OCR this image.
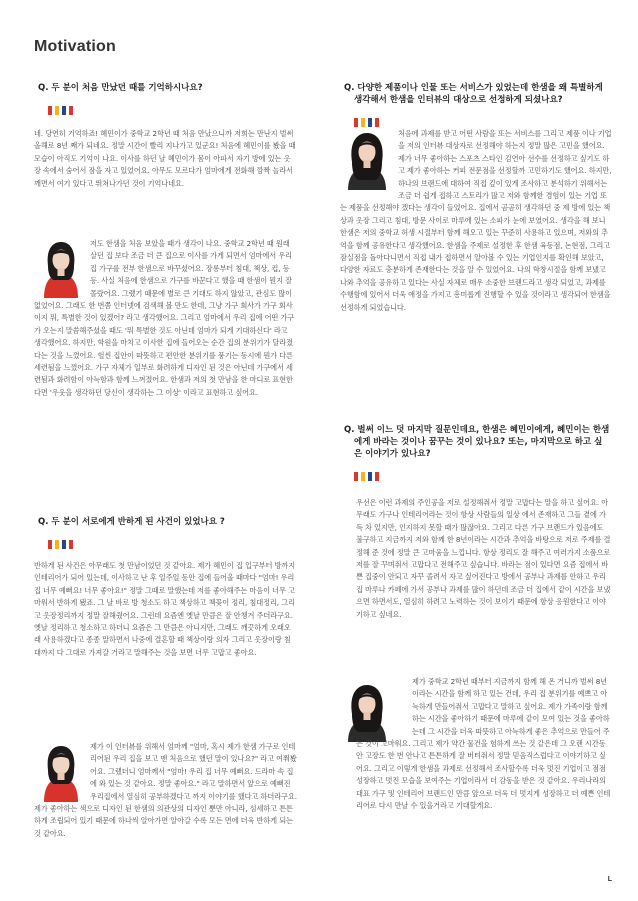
Motivation
Q. 두 분이 처음 만났던 때를 기억하시나요?
네. 당연히 기억하죠! 혜민이가 중학교 2학년 때 처음 만났으니까 저희는 만난지 벌써 올해로 8년 째가 되네요. 정말 시간이 빨리 지나가고 있군요! 처음에 혜민이를 봤을 때 모습이 아직도 기억이 나요. 이사를 하던 날 혜민이가 몸이 아파서 자기 방에 있는 옷장 속에서 숨어서 잠을 자고 있었어요. 아무도 모르다가 엄마에게 전화해 깜짝 놀라서 깨면서 여기 있다고 뛰쳐나가던 것이 기억나네요.
저도 한샘을 처음 보았을 때가 생각이 나요. 중학교 2학년 때 원래 살던 집 보다 조금 더 큰 집으로 이사를 가게 되면서 엄마에서 우리 집 가구를 전부 한샘으로 바꾸셨어요. 장롱부터 침대, 책상, 컵, 등등. 사실 처음에 한샘으로 가구를 바꾼다고 했을 때 한샘이 뭔지 잘 몰랐어요. 그랬기 때문에 별로 큰 기대도 하지 않았고, 관심도 많이 없었어요. 그래도 한 번쯤 인터넷에 검색해 볼 만도 한데, 그냥 가구 회사가 가구 회사이지 뭐, 특별한 것이 있겠어? 라고 생각했어요. 그리고 엄마에서 우리 집에 어떤 가구가 오는지 말씀해주셨을 때도 '뭐 특별한 것도 아닌데 엄마가 되게 기대하신다' 라고 생각했어요. 하지만, 학원을 마치고 이사한 집에 들어오는 순간 집의 분위기가 달라졌다는 것을 느꼈어요. 헐씬 집안이 따뜻하고 편안한 분위기를 풍기는 동시에 뭔가 다른 세련됨을 느꼈어요. 가구 자체가 일부로 화려하게 디자인 된 것은 아닌데 가구에서 세련됨과 화려함이 아늑함과 함께 느껴졌어요. 한샘과 저의 첫 만남을 한 마디로 표현한다면 '우웃을 생각하던 당신이 생각하는 그 이상' 이라고 표현하고 싶어요.
Q. 두 분이 서로에게 반하게 된 사건이 있었나요 ?
반하게 된 사건은 아무래도 첫 만남이었던 것 같아요. 제가 혜민이 집 입구부터 방까지 인테리어가 되어 있는데, 이사하고 난 후 일주일 동안 집에 들어올 때마다 "엄마! 우리 집 너무 예뻐요! 너무 좋아요!" 정말 그때로 말했는데 저를 좋아해주는 마음이 너무 고마워서 반하게 됐죠. 그 날 바로 방 청소도 하고 책상하고 책꽂이 정리, 침대정리, 그리고 옷장정리까지 정말 잘해줬어요. 그런데 요즘엔 옛날 만큼은 잘 안챙겨 주더라구요. 옛날 정리하고 청소하고 하더니 요즘은 그 만큼은 아니지만, 그래도 깨끗하게 오래오래 사용하겠다고 종종 말하면서 나중에 결혼할 때 책상이랑 의자 그리고 옷장이랑 침대까지 다 그대로 가져갈 거라고 말해주는 것을 보면 너무 고맙고 좋아요.
제가 이 인터뷰를 위해서 엄마께 "엄마, 혹시 제가 한샘 가구로 인테리어된 우리 집을 보고 맨 처음으로 했던 말이 있나요?" 라고 여쭤봤어요. 그랬더니 엄마께서 "엄마! 우리 집 너무 예뻐요. 드라마 속 집에 와 있는 것 같아요. 정말 좋아요." 라고 말하면서 앞으로 예뻐진 우리집에서 열심히 공부하겠다고 까지 이야기를 했다고 하더라구요. 제가 좋아하는 색으로 디자인 된 한샘의 의관상의 디자인 뿐만 아니라, 섬세하고 튼튼하게 조립되어 있기 때문에 하나씩 알아가면 알아갈 수록 모든 면에 더욱 반하게 되는 것 같아요.
Q. 다양한 제품이나 인물 또는 서비스가 있었는데 한샘을 왜 특별하게 생각해서 한샘을 인터뷰의 대상으로 선정하게 되셨나요?
처음에 과제를 받고 어떤 사람을 또는 서비스를 그리고 제품 이나 기업을 저의 인터뷰 대상자로 선정해야 하는지 정말 많은 고민을 했어요. 제가 너무 좋아하는 스포츠 스타인 김연아 선수를 선정하고 싶기도 하고 제가 좋아하는 커피 전문점을 선정할까 고민하기도 했어요. 하지만, 하나의 브랜드에 대하여 직접 깊이 있게 조사하고 분석하기 위해서는 조금 더 쉽게 접하고 스토리가 많고 저와 함께한 경험이 있는 기업 또는 제품을 선정해야 겠다는 생각이 들었어요. 집에서 곰곰히 생각하던 중 제 방에 있는 책상과 옷장 그리고 침대, 방문 사이로 마루에 있는 소파가 눈에 보였어요. 생각을 해 보니 한샘은 저의 중학교 허생 시절부터 함께 해오고 있는 꾸준히 사용하고 있으며, 저와의 추억을 함께 공유한다고 생각했어요. 한샘을 주제로 설정한 후 한샘 육동점, 논현점, 그리고 잠실점을 돌아다니면서 직접 내가 접하면서 알아볼 수 있는 기업인지를 확인해 보았고, 다양한 자료도 충분하게 존재한다는 것을 알 수 있었어요. 나의 학창시절을 함께 보냈고 나와 추억을 공유하고 있다는 사실 자체로 매우 소중한 브랜드라고 생각 되었고, 과제를 수행함에 있어서 더욱 애정을 가지고 흥미롭게 진행할 수 있을 것이라고 생각되어 한샘을 선정하게 되었습니다.
Q. 벌써 이느 덧 마지막 질문인데요, 한샘은 혜민이에게, 혜민이는 한샘에게 바라는 것이나 꿈꾸는 것이 있나요? 또는, 마지막으로 하고 싶은 이야기가 있나요?
우선은 이런 과제의 주인공을 저로 설정해줘서 정말 고맙다는 말을 하고 싶어요. 아무래도 가구나 인테리어라는 것이 항상 사람들의 일상 에서 존재하고 그들 곁에 가득 차 있지만, 인지하지 못할 때가 많잖아요. 그리고 다른 가구 브랜드가 있음에도 불구하고 지금까지 저와 함께 한 8년이라는 시간과 추억을 바탕으로 저로 주제를 결정해 준 것에 정말 큰 고마움을 느낍니다. 항상 정리도 잘 해주고 여러가지 소품으로 저를 잘 꾸며줘서 고맙다고 전해주고 싶습니다. 바라는 점이 있다면 요즘 집에서 바쁜 집중이 안되고 자꾸 졸려서 자고 싶어진다고 방에서 공부나 과제를 안하고 우리집 마루나 카페에 가서 공부나 과제를 많이 하던데 조금 더 집에서 같이 시간을 보냈으면 하면서도, 열심히 하려고 노력하는 것이 보이기 때문에 항상 응원한다고 이야기하고 싶네요.
제가 중학교 2학년 때부터 지금까지 함께 해 온 거니까 벌써 8년이라는 시간을 함께 하고 있는 건데, 우리 집 분위기를 예쁘고 아늑하게 만들어줘서 고맙다고 말하고 싶어요. 제가 가족이랑 함께하는 시간을 좋아하기 때문에 마루에 같이 모여 있는 것을 좋아하는데 그 시간을 더욱 따뜻하고 아늑하게 좋은 추억으로 만들어 주는 것이 고마워요. 그리고 제가 약간 물건을 험하게 쓰는 것 같은데 그 오랜 시간동안 고장도 한 번 안나고 튼튼하게 잘 버텨줘서 정말 믿음직스럽다고 이야기하고 싶어요. 그리고 이렇게 한샘을 과제로 선정해서 조사할수록 더욱 멋진 기업이고 점점 성장하고 멋진 모습을 보여주는 기업이라서 더 감동을 받은 것 같아요. 우리나라의 대표 가구 및 인테리어 브랜드인 만큼 앞으로 더욱 더 멋지게 성장하고 더 예쁜 인테리어로 다시 만날 수 있을거라고 기대할게요.
L
